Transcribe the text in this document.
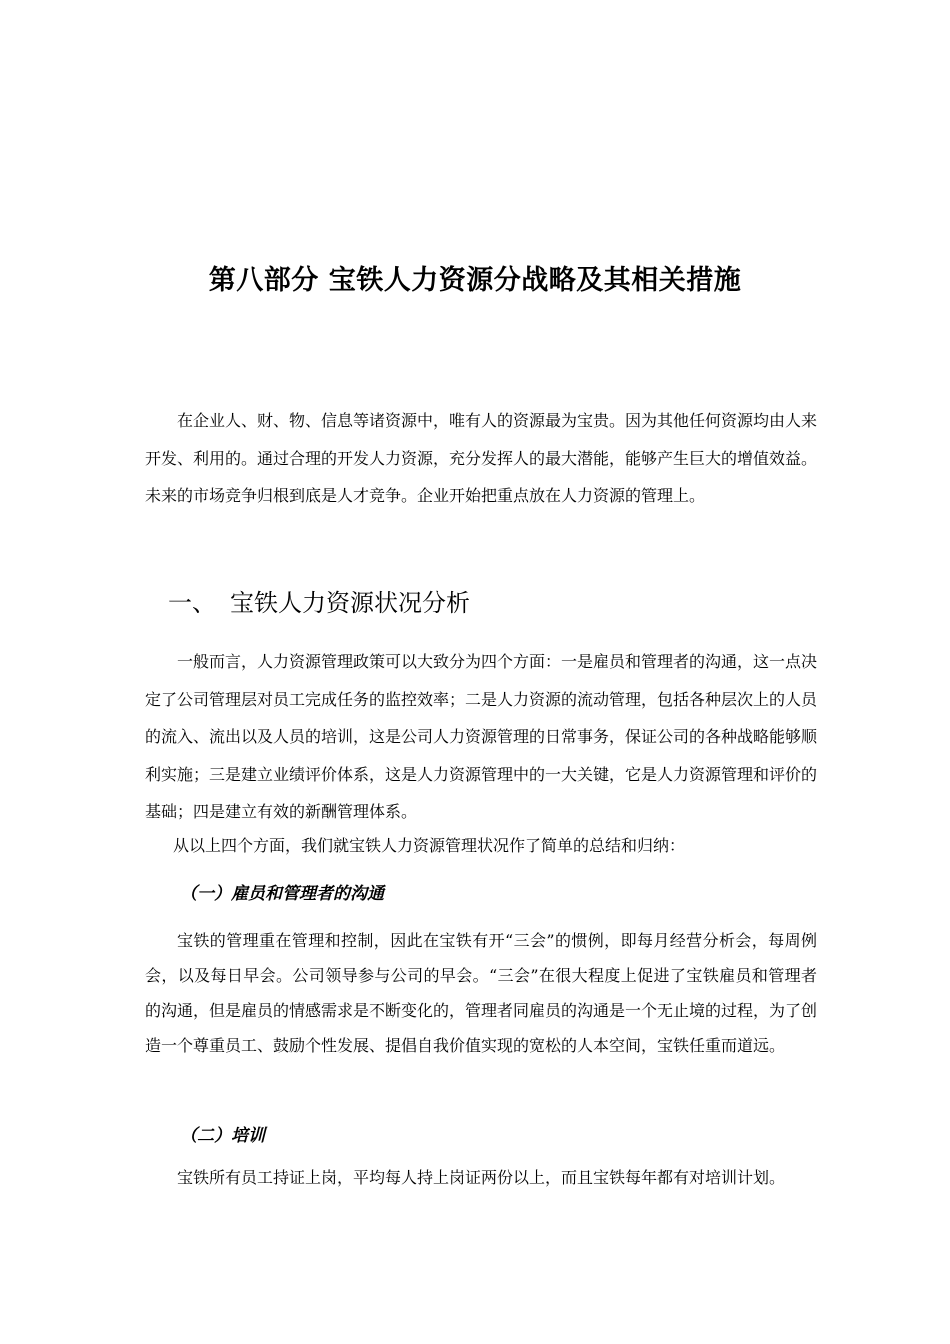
第八部分 宝铁人力资源分战略及其相关措施
在企业人、财、物、信息等诸资源中，唯有人的资源最为宝贵。因为其他任何资源均由人来开发、利用的。通过合理的开发人力资源，充分发挥人的最大潜能，能够产生巨大的增值效益。未来的市场竞争归根到底是人才竞争。企业开始把重点放在人力资源的管理上。
一、 宝铁人力资源状况分析
一般而言，人力资源管理政策可以大致分为四个方面：一是雇员和管理者的沟通，这一点决定了公司管理层对员工完成任务的监控效率；二是人力资源的流动管理，包括各种层次上的人员的流入、流出以及人员的培训，这是公司人力资源管理的日常事务，保证公司的各种战略能够顺利实施；三是建立业绩评价体系，这是人力资源管理中的一大关键，它是人力资源管理和评价的基础；四是建立有效的新酬管理体系。
从以上四个方面，我们就宝铁人力资源管理状况作了简单的总结和归纳：
（一）雇员和管理者的沟通
宝铁的管理重在管理和控制，因此在宝铁有开“三会”的惯例，即每月经营分析会，每周例会，以及每日早会。公司领导参与公司的早会。“三会”在很大程度上促进了宝铁雇员和管理者的沟通，但是雇员的情感需求是不断变化的，管理者同雇员的沟通是一个无止境的过程，为了创造一个尊重员工、鼓励个性发展、提倡自我价值实现的宽松的人本空间，宝铁任重而道远。
（二）培训
宝铁所有员工持证上岗，平均每人持上岗证两份以上，而且宝铁每年都有对培训计划。
